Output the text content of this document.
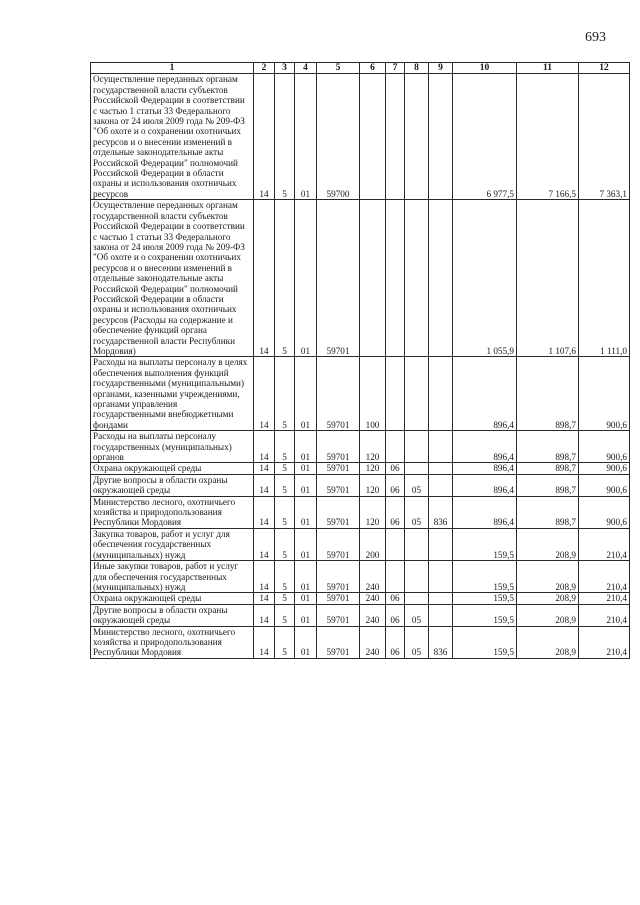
693
1	2	3	4	5	6	7	8	9	10	11	12
Осуществление переданных органам государственной власти субъектов Российской Федерации в соответствии с частью 1 статьи 33 Федерального закона от 24 июля 2009 года № 209-ФЗ "Об охоте и о сохранении охотничьих ресурсов и о внесении изменений в отдельные законодательные акты Российской Федерации" полномочий Российской Федерации в области охраны и использования охотничьих ресурсов	14	5	01	59700					6 977,5	7 166,5	7 363,1
Осуществление переданных органам государственной власти субъектов Российской Федерации в соответствии с частью 1 статьи 33 Федерального закона от 24 июля 2009 года № 209-ФЗ "Об охоте и о сохранении охотничьих ресурсов и о внесении изменений в отдельные законодательные акты Российской Федерации" полномочий Российской Федерации в области охраны и использования охотничьих ресурсов (Расходы на содержание и обеспечение функций органа государственной власти Республики Мордовия)	14	5	01	59701					1 055,9	1 107,6	1 111,0
Расходы на выплаты персоналу в целях обеспечения выполнения функций государственными (муниципальными) органами, казенными учреждениями, органами управления государственными внебюджетными фондами	14	5	01	59701	100				896,4	898,7	900,6
Расходы на выплаты персоналу государственных (муниципальных) органов	14	5	01	59701	120				896,4	898,7	900,6
Охрана окружающей среды	14	5	01	59701	120	06			896,4	898,7	900,6
Другие вопросы в области охраны окружающей среды	14	5	01	59701	120	06	05		896,4	898,7	900,6
Министерство лесного, охотничьего хозяйства и природопользования Республики Мордовия	14	5	01	59701	120	06	05	836	896,4	898,7	900,6
Закупка товаров, работ и услуг для обеспечения государственных (муниципальных) нужд	14	5	01	59701	200				159,5	208,9	210,4
Иные закупки товаров, работ и услуг для обеспечения государственных (муниципальных) нужд	14	5	01	59701	240				159,5	208,9	210,4
Охрана окружающей среды	14	5	01	59701	240	06			159,5	208,9	210,4
Другие вопросы в области охраны окружающей среды	14	5	01	59701	240	06	05		159,5	208,9	210,4
Министерство лесного, охотничьего хозяйства и природопользования Республики Мордовия	14	5	01	59701	240	06	05	836	159,5	208,9	210,4
